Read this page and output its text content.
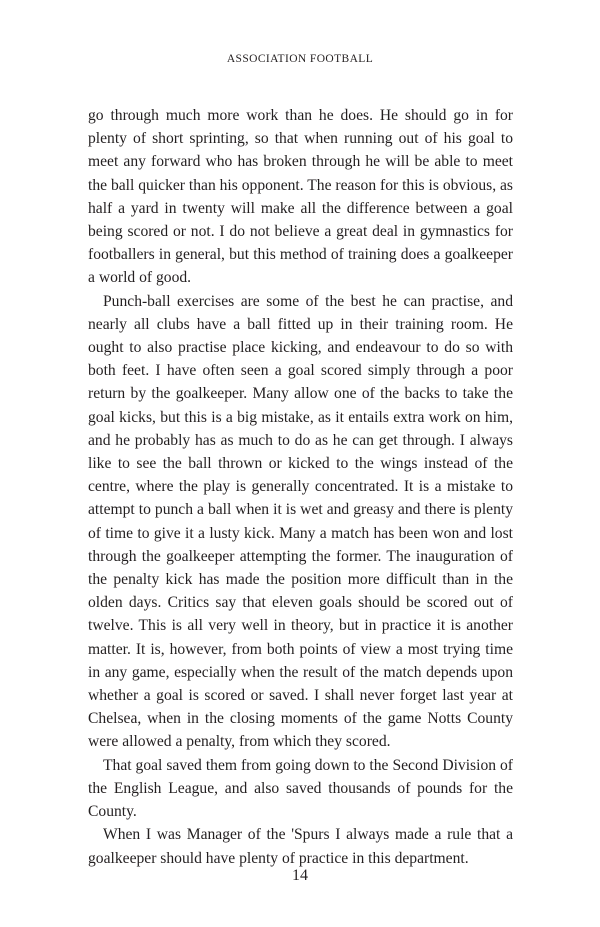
ASSOCIATION FOOTBALL

go through much more work than he does. He should go in for plenty of short sprinting, so that when running out of his goal to meet any forward who has broken through he will be able to meet the ball quicker than his opponent. The reason for this is obvious, as half a yard in twenty will make all the difference between a goal being scored or not. I do not believe a great deal in gymnastics for footballers in general, but this method of training does a goalkeeper a world of good.

Punch-ball exercises are some of the best he can practise, and nearly all clubs have a ball fitted up in their training room. He ought to also practise place kicking, and endeavour to do so with both feet. I have often seen a goal scored simply through a poor return by the goalkeeper. Many allow one of the backs to take the goal kicks, but this is a big mistake, as it entails extra work on him, and he probably has as much to do as he can get through. I always like to see the ball thrown or kicked to the wings instead of the centre, where the play is generally concentrated. It is a mistake to attempt to punch a ball when it is wet and greasy and there is plenty of time to give it a lusty kick. Many a match has been won and lost through the goalkeeper attempting the former. The inauguration of the penalty kick has made the position more difficult than in the olden days. Critics say that eleven goals should be scored out of twelve. This is all very well in theory, but in practice it is another matter. It is, however, from both points of view a most trying time in any game, especially when the result of the match depends upon whether a goal is scored or saved. I shall never forget last year at Chelsea, when in the closing moments of the game Notts County were allowed a penalty, from which they scored.

That goal saved them from going down to the Second Division of the English League, and also saved thousands of pounds for the County.

When I was Manager of the 'Spurs I always made a rule that a goalkeeper should have plenty of practice in this department.

14
